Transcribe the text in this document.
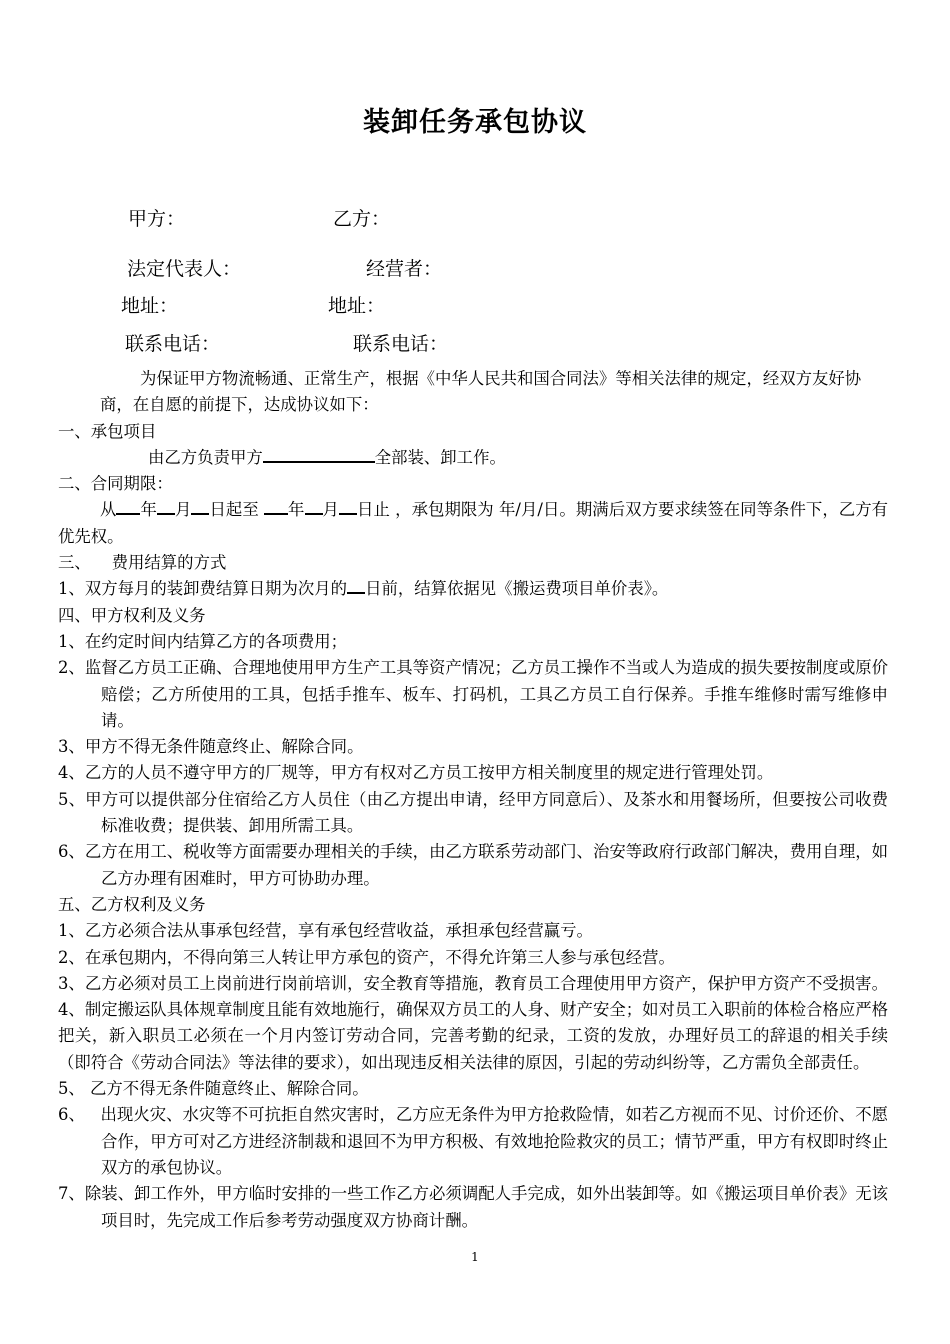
装卸任务承包协议
甲方：	乙方：
法定代表人：	经营者：
地址：	地址：
联系电话：	联系电话：

为保证甲方物流畅通、正常生产，根据《中华人民共和国合同法》等相关法律的规定，经双方友好协商，在自愿的前提下，达成协议如下：

一、承包项目

由乙方负责甲方	全部装、卸工作。

二、合同期限：

从 年 月 日起至 年 月 日止 ，承包期限为 年/月/日。期满后双方要求续签在同等条件下，乙方有优先权。

三、    费用结算的方式

1、双方每月的装卸费结算日期为次月的 日前，结算依据见《搬运费项目单价表》。

四、甲方权利及义务

1、在约定时间内结算乙方的各项费用；

2、监督乙方员工正确、合理地使用甲方生产工具等资产情况；乙方员工操作不当或人为造成的损失要按制度或原价赔偿；乙方所使用的工具，包括手推车、板车、打码机，工具乙方员工自行保养。手推车维修时需写维修申请。

3、甲方不得无条件随意终止、解除合同。

4、乙方的人员不遵守甲方的厂规等，甲方有权对乙方员工按甲方相关制度里的规定进行管理处罚。

5、甲方可以提供部分住宿给乙方人员住（由乙方提出申请，经甲方同意后）、及茶水和用餐场所，但要按公司收费标准收费；提供装、卸用所需工具。

6、乙方在用工、税收等方面需要办理相关的手续，由乙方联系劳动部门、治安等政府行政部门解决，费用自理，如乙方办理有困难时，甲方可协助办理。

五、乙方权利及义务

1、乙方必须合法从事承包经营，享有承包经营收益，承担承包经营赢亏。

2、在承包期内，不得向第三人转让甲方承包的资产，不得允许第三人参与承包经营。

3、乙方必须对员工上岗前进行岗前培训，安全教育等措施，教育员工合理使用甲方资产，保护甲方资产不受损害。

4、制定搬运队具体规章制度且能有效地施行，确保双方员工的人身、财产安全；如对员工入职前的体检合格应严格把关，新入职员工必须在一个月内签订劳动合同，完善考勤的纪录，工资的发放，办理好员工的辞退的相关手续（即符合《劳动合同法》等法律的要求），如出现违反相关法律的原因，引起的劳动纠纷等，乙方需负全部责任。

5、 乙方不得无条件随意终止、解除合同。

6、   出现火灾、水灾等不可抗拒自然灾害时，乙方应无条件为甲方抢救险情，如若乙方视而不见、讨价还价、不愿合作，甲方可对乙方进经济制裁和退回不为甲方积极、有效地抢险救灾的员工；情节严重，甲方有权即时终止双方的承包协议。

7、除装、卸工作外，甲方临时安排的一些工作乙方必须调配人手完成，如外出装卸等。如《搬运项目单价表》无该项目时，先完成工作后参考劳动强度双方协商计酬。

1
